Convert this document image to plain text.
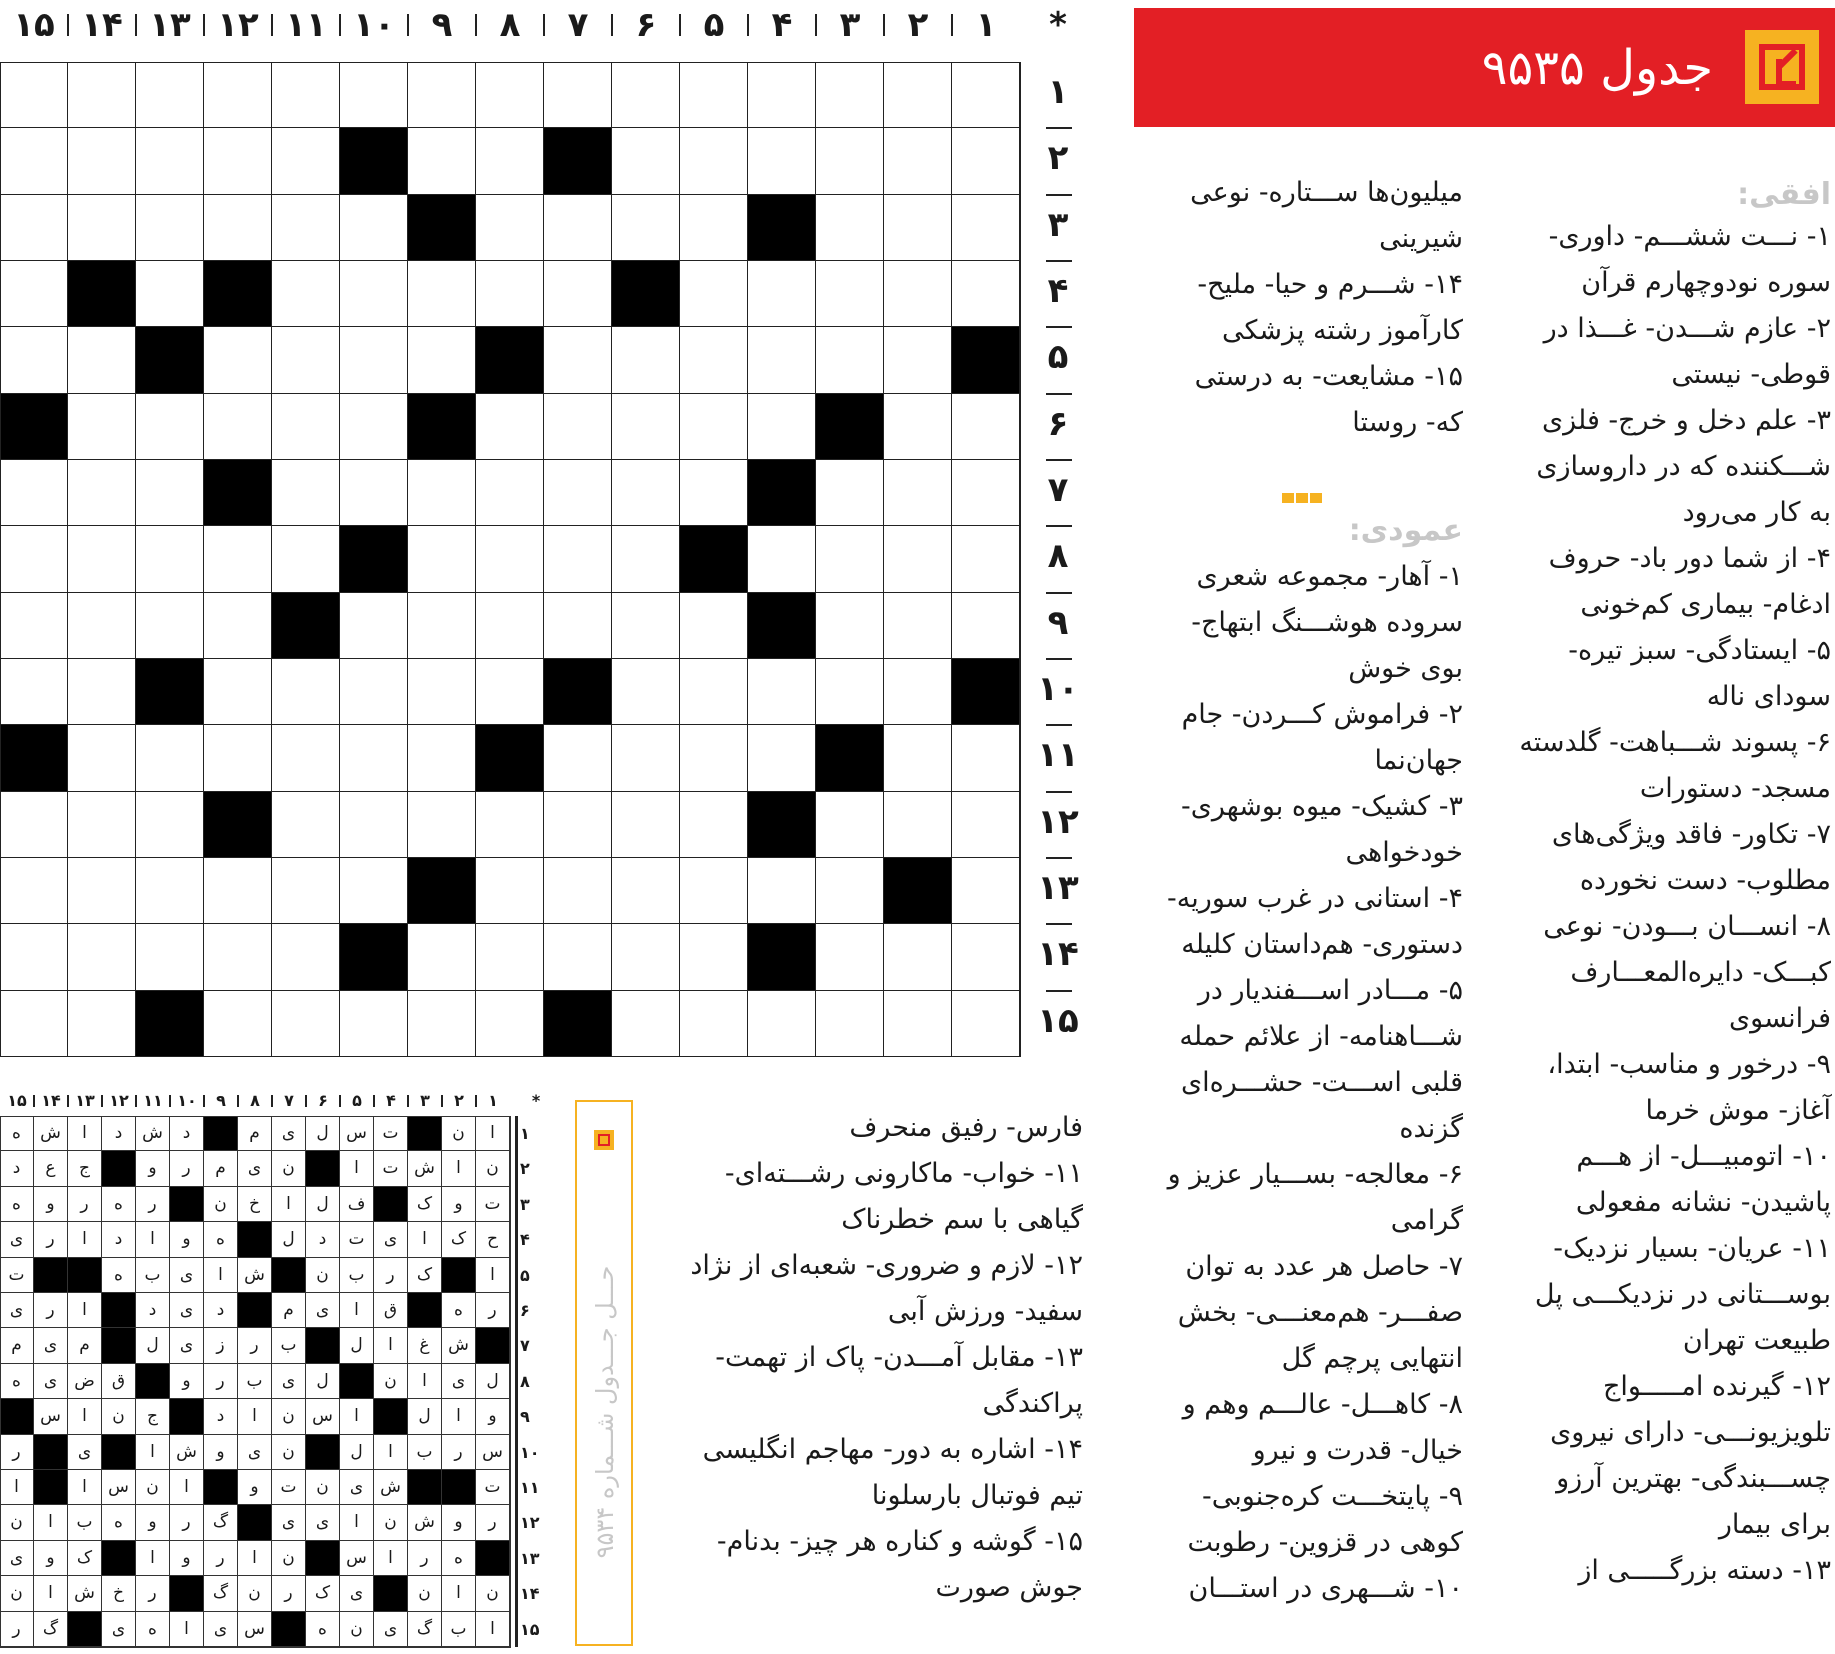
۱
۲
۳
۴
۵
۶
۷
۸
۹
۱۰
۱۱
۱۲
۱۳
۱۴
۱۵	*
۱
۲
۳
۴
۵
۶
۷
۸
۹
۱۰
۱۱
۱۲
۱۳
۱۴
۱۵
جدول ۹۵۳۵
افقی:
۱- نـــت ششـــم- داوری-
سوره نودوچهارم قرآن
۲- عازم شـــدن- غـــذا در
قوطی- نیستی
۳- علم دخل و خرج- فلزی
شـــکننده که در داروسازی
به کار می‌رود
۴- از شما دور باد- حروف
ادغام- بیماری کم‌خونی
۵- ایستادگی- سبز تیره-
سودای ناله
۶- پسوند شـــباهت- گلدسته
مسجد- دستورات
۷- تکاور- فاقد ویژگی‌های
مطلوب- دست نخورده
۸- انســـان بـــودن- نوعی
کبـــک- دایره‌المعـــارف
فرانسوی
۹- درخور و مناسب- ابتدا،
آغاز- موش خرما
۱۰- اتومبیـــل- از هـــم
پاشیدن- نشانه مفعولی
۱۱- عریان- بسیار نزدیک-
بوســـتانی در نزدیکـــی پل
طبیعت تهران
۱۲- گیرنده امـــــواج
تلویزیونـــی- دارای نیروی
چســـبندگی- بهترین آرزو
برای بیمار
۱۳- دسته بزرگـــــی از
میلیون‌ها ســـتاره- نوعی
شیرینی
۱۴- شـــرم و حیا- ملیح-
کارآموز رشته پزشکی
۱۵- مشایعت- به درستی
که- روستا
عمودی:
۱- آهار- مجموعه شعری
سروده هوشـــنگ ابتهاج-
بوی خوش
۲- فراموش کـــردن- جام
جهان‌نما
۳- کشیک- میوه بوشهری-
خودخواهی
۴- استانی در غرب سوریه-
دستوری- هم‌داستان کلیله
۵- مـــادر اســـفندیار در
شـــاهنامه- از علائم حمله
قلبی اســـت- حشـــره‌ای
گزنده
۶- معالجه- بســـیار عزیز و
گرامی
۷- حاصل هر عدد به توان
صفـــر- هم‌معنـــی- بخش
انتهایی پرچم گل
۸- کاهـــل- عالـــم وهم و
خیال- قدرت و نیرو
۹- پایتخـــت کره‌جنوبی-
کوهی در قزوین- رطوبت
۱۰- شـــهری در استـــان
فارس- رفیق منحرف
۱۱- خواب- ماکارونی رشـــته‌ای-
گیاهی با سم خطرناک
۱۲- لازم و ضروری- شعبه‌ای از نژاد
سفید- ورزش آبی
۱۳- مقابل آمـــدن- پاک از تهمت-
پراکندگی
۱۴- اشاره به دور- مهاجم انگلیسی
تیم فوتبال بارسلونا
۱۵- گوشه و کناره هر چیز- بدنام-
جوش صورت
۱
۲
۳
۴
۵
۶
۷
۸
۹
۱۰
۱۱
۱۲
۱۳
۱۴
۱۵	*
ا
ن
ت
س
ل
ی
م
د
ش
د
ا
ش
ه
ن
ا
ش
ت
ا
ن
ی
م
ر
و
ج
ع
د
ت
و
ک
ف
ل
ا
خ
ن
ر
ه
ر
و
ه
ح
ک
ا
ی
ت
د
ل
ه
و
ا
د
ا
ر
ی
ا
ک
ر
ب
ن
ش
ا
ی
ب
ه
ت
ر
ه
ق
ا
ی
م
د
ی
د
ا
ر
ی
ش
غ
ا
ل
ب
ر
ز
ی
ل
م
ی
م
ل
ی
ا
ن
ل
ی
ب
ر
و
ق
ض
ی
ه
و
ا
ل
ا
س
ن
ا
د
ج
ن
ا
س
س
ر
ب
ا
ل
ن
ی
و
ش
ا
ی
ر
ت
ش
ی
ن
ت
و
ا
ن
س
ا
ا
ر
و
ش
ن
ا
ی
ی
گ
ر
و
ه
ب
ا
ن
ه
ر
ا
س
ن
ا
ر
و
ا
ک
و
ی
ن
ا
ن
ی
ک
ر
ن
گ
ر
خ
ش
ا
ن
ا
ب
گ
ی
ن
ه
س
ی
ا
ه
ی
گ
ر
۱
۲
۳
۴
۵
۶
۷
۸
۹
۱۰
۱۱
۱۲
۱۳
۱۴
۱۵
حـــل جـــدول شـــماره ۹۵۳۴
